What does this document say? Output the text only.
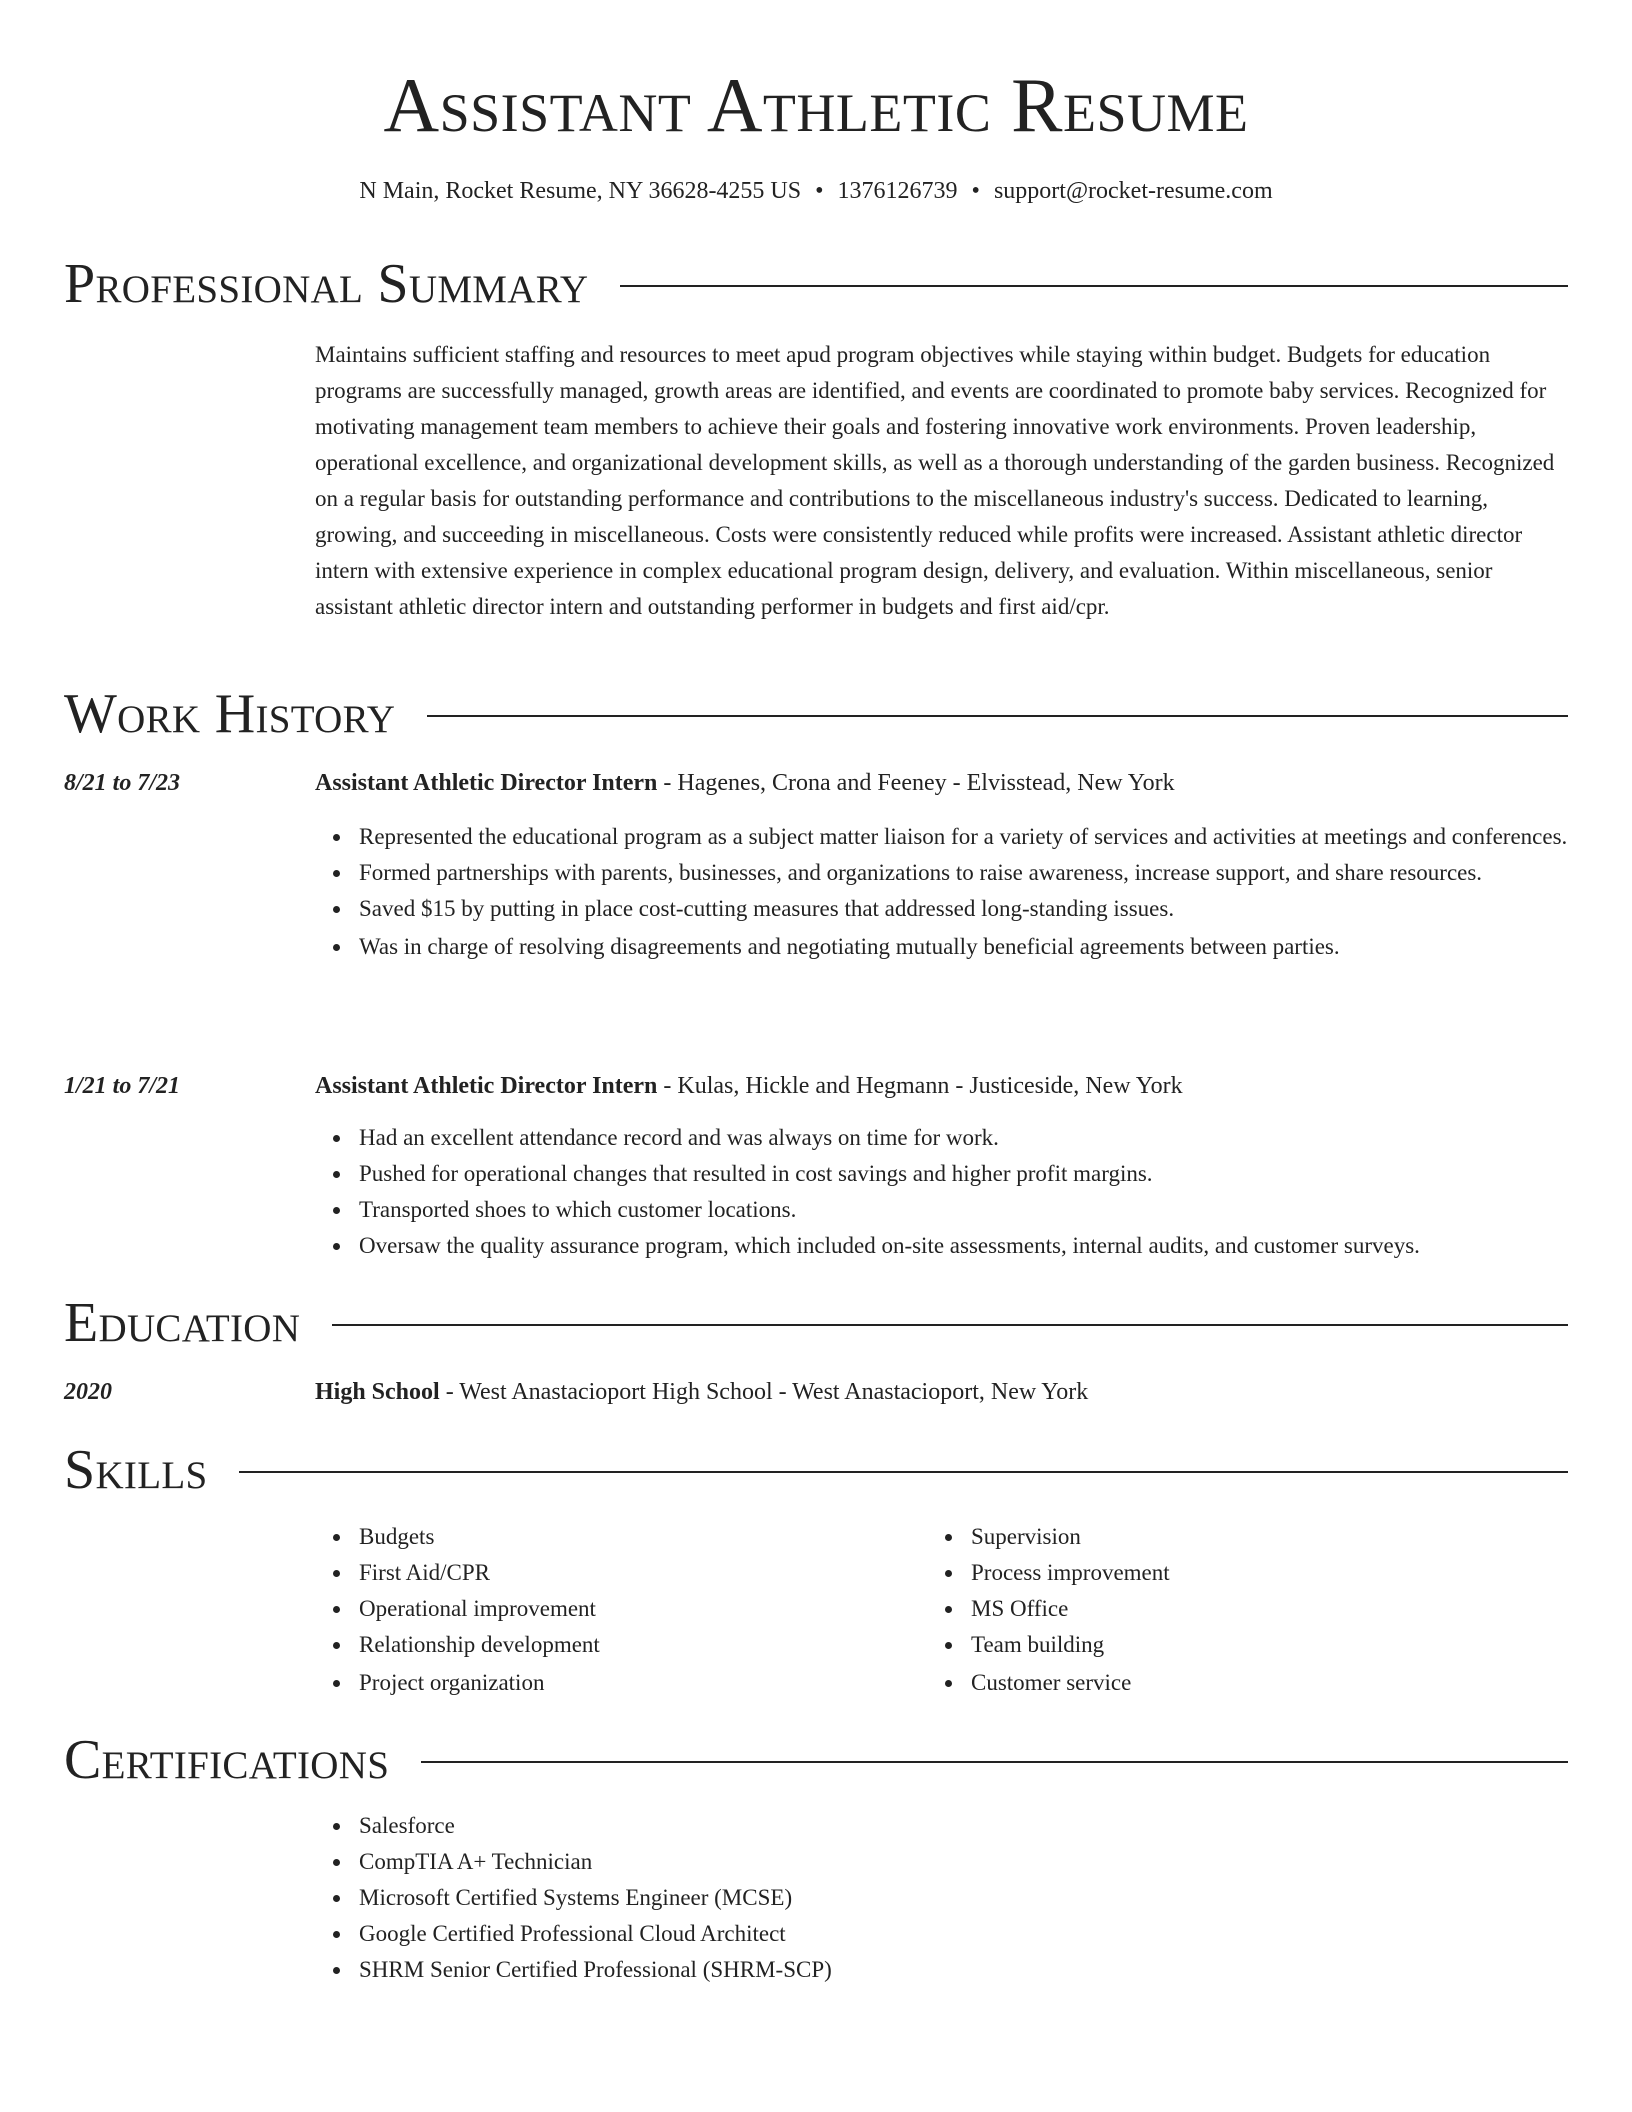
Assistant Athletic Resume
N Main, Rocket Resume, NY 36628-4255 US • 1376126739 • support@rocket-resume.com
Professional Summary

Maintains sufficient staffing and resources to meet apud program objectives while staying within budget. Budgets for education programs are successfully managed, growth areas are identified, and events are coordinated to promote baby services. Recognized for motivating management team members to achieve their goals and fostering innovative work environments. Proven leadership, operational excellence, and organizational development skills, as well as a thorough understanding of the garden business. Recognized on a regular basis for outstanding performance and contributions to the miscellaneous industry's success. Dedicated to learning, growing, and succeeding in miscellaneous. Costs were consistently reduced while profits were increased. Assistant athletic director intern with extensive experience in complex educational program design, delivery, and evaluation. Within miscellaneous, senior assistant athletic director intern and outstanding performer in budgets and first aid/cpr.

Work History
8/21 to 7/23	Assistant Athletic Director Intern - Hagenes, Crona and Feeney - Elvisstead, New York
Represented the educational program as a subject matter liaison for a variety of services and activities at meetings and conferences.
Formed partnerships with parents, businesses, and organizations to raise awareness, increase support, and share resources.
Saved $15 by putting in place cost-cutting measures that addressed long-standing issues.
Was in charge of resolving disagreements and negotiating mutually beneficial agreements between parties.
1/21 to 7/21	Assistant Athletic Director Intern - Kulas, Hickle and Hegmann - Justiceside, New York
Had an excellent attendance record and was always on time for work.
Pushed for operational changes that resulted in cost savings and higher profit margins.
Transported shoes to which customer locations.
Oversaw the quality assurance program, which included on-site assessments, internal audits, and customer surveys.
Education
2020	High School - West Anastacioport High School - West Anastacioport, New York
Skills
Budgets
First Aid/CPR
Operational improvement
Relationship development
Project organization
Supervision
Process improvement
MS Office
Team building
Customer service
Certifications
Salesforce
CompTIA A+ Technician
Microsoft Certified Systems Engineer (MCSE)
Google Certified Professional Cloud Architect
SHRM Senior Certified Professional (SHRM-SCP)
